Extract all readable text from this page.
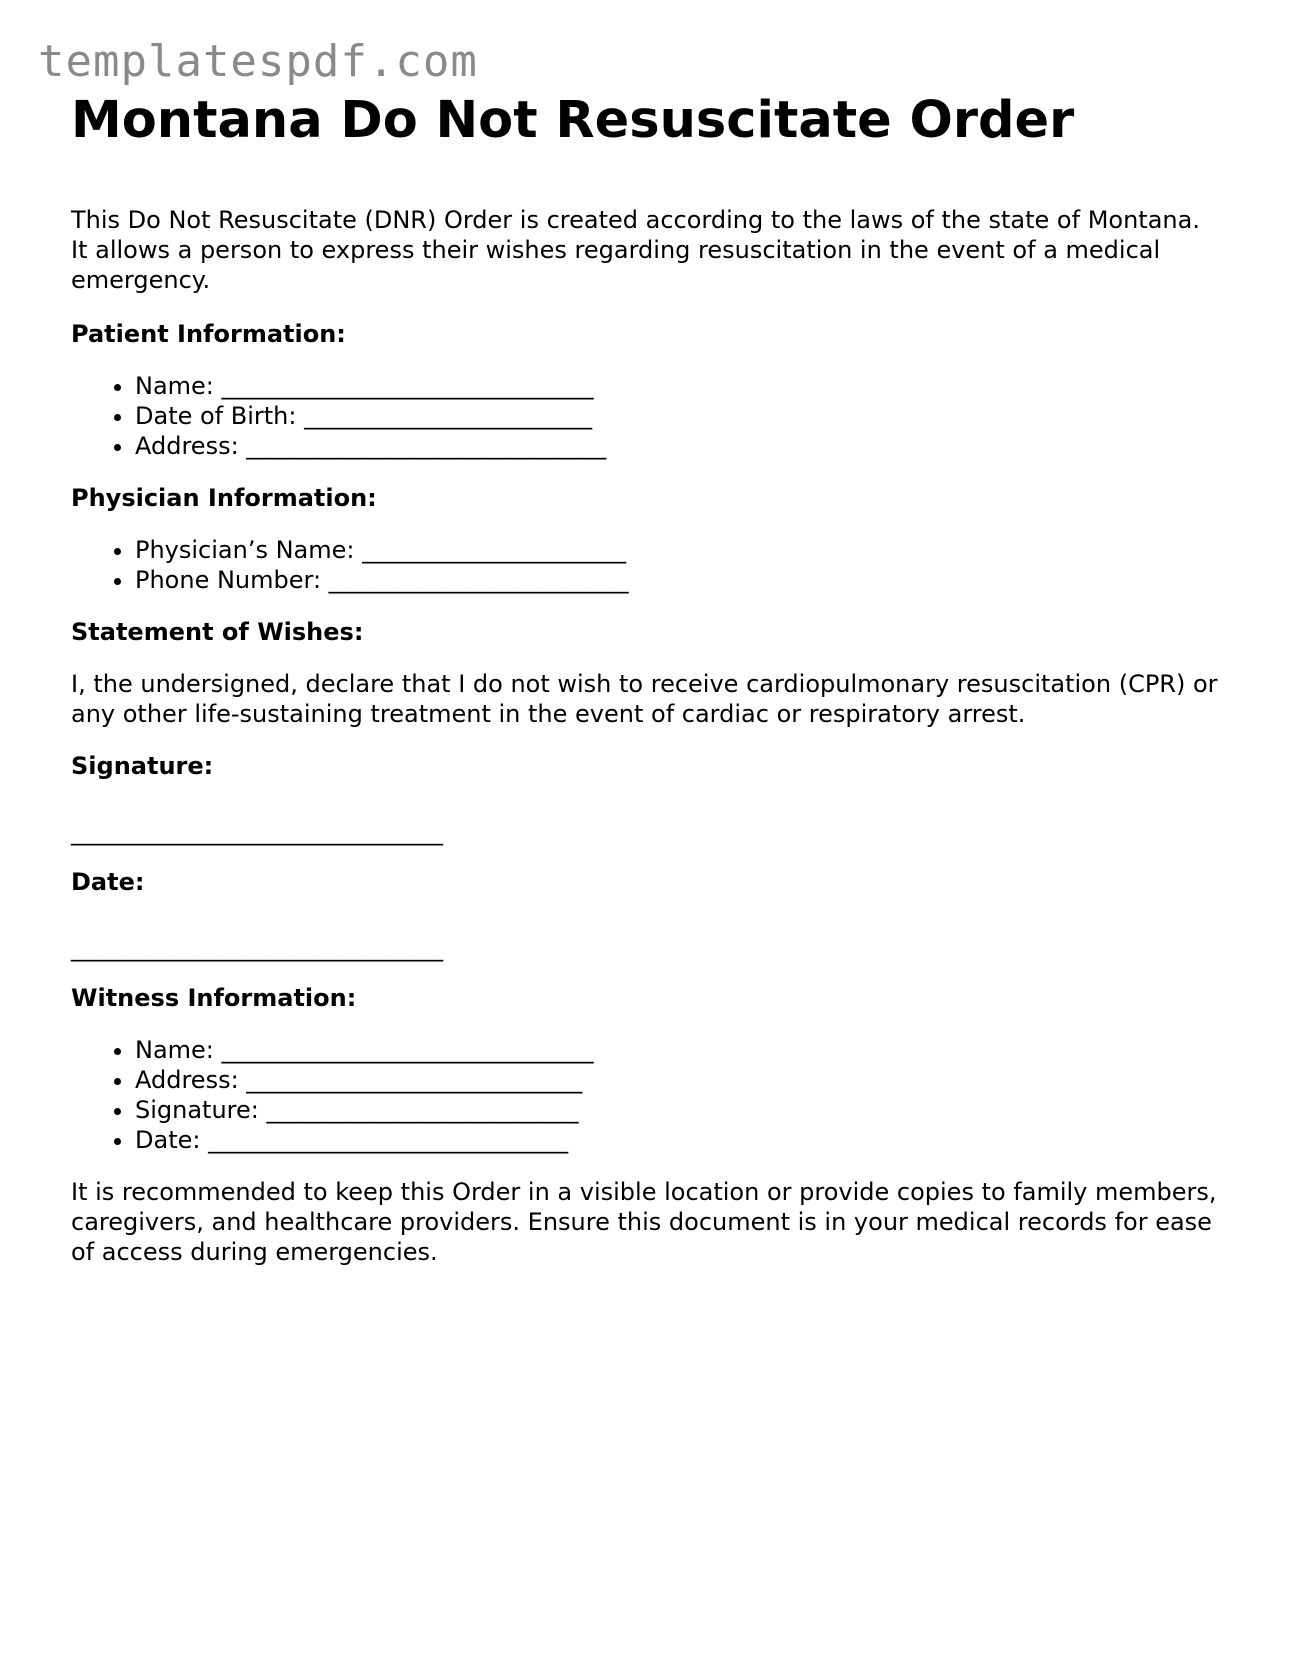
templatespdf.com
Montana Do Not Resuscitate Order

This Do Not Resuscitate (DNR) Order is created according to the laws of the state of Montana. It allows a person to express their wishes regarding resuscitation in the event of a medical emergency.

Patient Information:

• Name: _______________________________
• Date of Birth: ________________________
• Address: ______________________________

Physician Information:

• Physician’s Name: ______________________
• Phone Number: _________________________

Statement of Wishes:

I, the undersigned, declare that I do not wish to receive cardiopulmonary resuscitation (CPR) or any other life-sustaining treatment in the event of cardiac or respiratory arrest.

Signature:

_______________________________

Date:

_______________________________

Witness Information:

• Name: _______________________________
• Address: ____________________________
• Signature: __________________________
• Date: ______________________________

It is recommended to keep this Order in a visible location or provide copies to family members, caregivers, and healthcare providers. Ensure this document is in your medical records for ease of access during emergencies.
